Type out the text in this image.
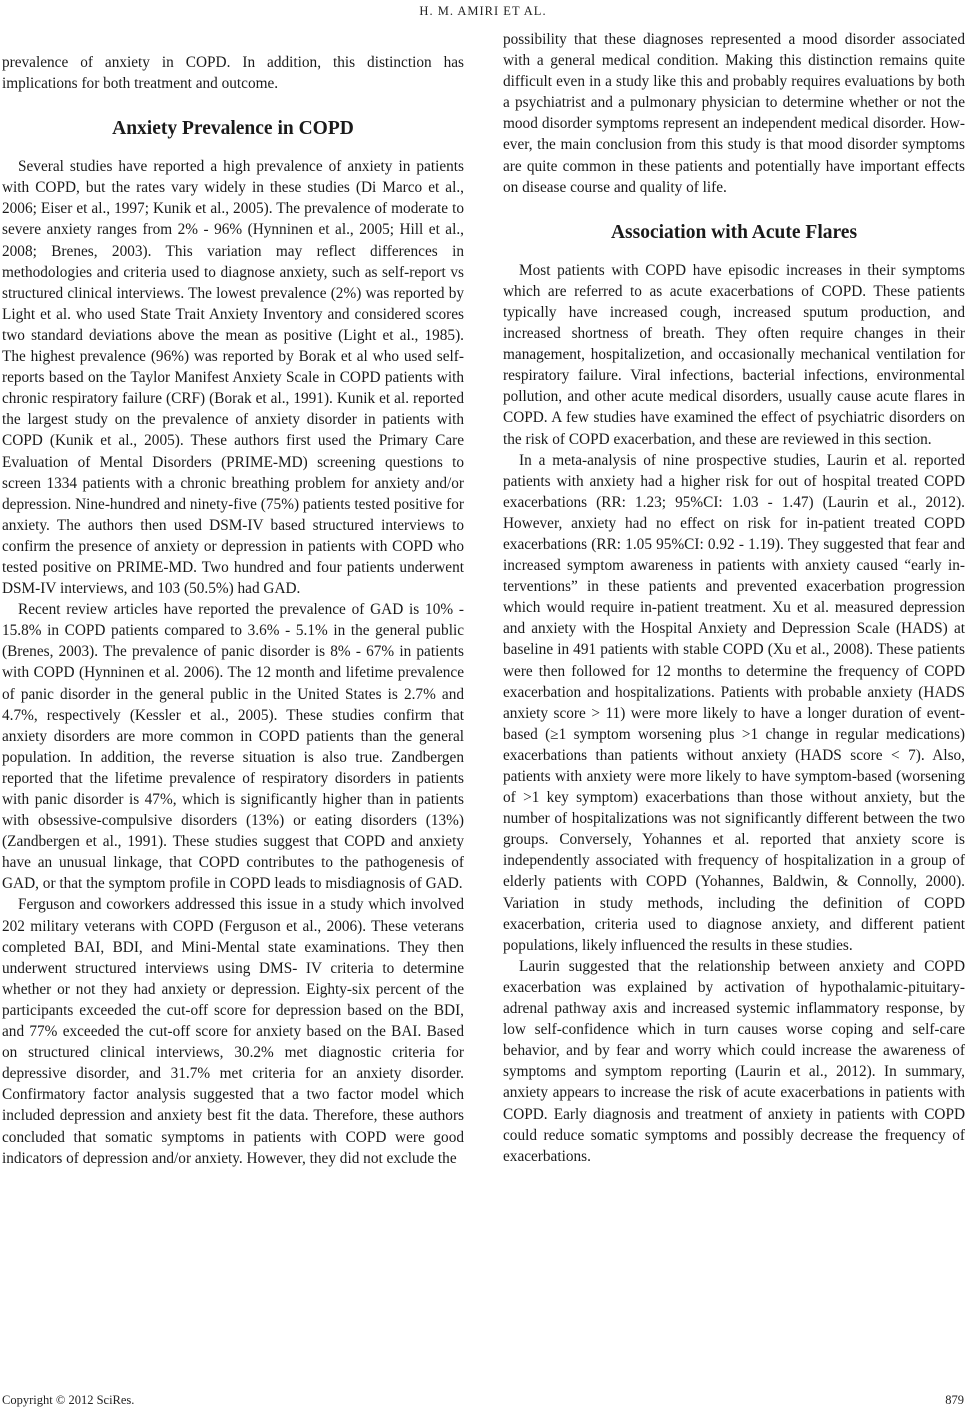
H. M. AMIRI ET AL.

prevalence of anxiety in COPD. In addition, this distinction has implications for both treatment and outcome.

Anxiety Prevalence in COPD

Several studies have reported a high prevalence of anxiety in patients with COPD, but the rates vary widely in these studies (Di Marco et al., 2006; Eiser et al., 1997; Kunik et al., 2005). The prevalence of moderate to severe anxiety ranges from 2% - 96% (Hynninen et al., 2005; Hill et al., 2008; Brenes, 2003). This variation may reflect differences in methodologies and criteria used to diagnose anxiety, such as self-report vs structured clinical interviews. The lowest prevalence (2%) was reported by Light et al. who used State Trait Anxiety Inventory and considered scores two standard deviations above the mean as positive (Light et al., 1985). The highest prevalence (96%) was reported by Borak et al who used self-reports based on the Taylor Manifest Anxiety Scale in COPD patients with chronic respiratory failure (CRF) (Borak et al., 1991). Kunik et al. reported the largest study on the prevalence of anxiety disorder in patients with COPD (Kunik et al., 2005). These authors first used the Primary Care Evaluation of Mental Disorders (PRIME-MD) screening questions to screen 1334 patients with a chronic breathing problem for anxiety and/or depression. Nine-hundred and ninety-five (75%) patients tested positive for anxiety. The authors then used DSM-IV based structured interviews to confirm the presence of anxiety or depression in patients with COPD who tested positive on PRIME-MD. Two hundred and four patients underwent DSM-IV interviews, and 103 (50.5%) had GAD.

Recent review articles have reported the prevalence of GAD is 10% - 15.8% in COPD patients compared to 3.6% - 5.1% in the general public (Brenes, 2003). The prevalence of panic disorder is 8% - 67% in patients with COPD (Hynninen et al. 2006). The 12 month and lifetime prevalence of panic disorder in the general public in the United States is 2.7% and 4.7%, respectively (Kessler et al., 2005). These studies confirm that anxiety disorders are more common in COPD patients than the general population. In addition, the reverse situation is also true. Zandbergen reported that the lifetime prevalence of respiratory disorders in patients with panic disorder is 47%, which is significantly higher than in patients with obsessive-compulsive disorders (13%) or eating disorders (13%) (Zandbergen et al., 1991). These studies suggest that COPD and anxiety have an unusual linkage, that COPD contributes to the pathogenesis of GAD, or that the symptom profile in COPD leads to misdiagnosis of GAD.

Ferguson and coworkers addressed this issue in a study which involved 202 military veterans with COPD (Ferguson et al., 2006). These veterans completed BAI, BDI, and Mini-Mental state examinations. They then underwent structured interviews using DMS- IV criteria to determine whether or not they had anxiety or depression. Eighty-six percent of the participants exceeded the cut-off score for depression based on the BDI, and 77% exceeded the cut-off score for anxiety based on the BAI. Based on structured clinical interviews, 30.2% met diagnostic criteria for depressive disorder, and 31.7% met criteria for an anxiety disorder. Confirmatory factor analysis suggested that a two factor model which included depression and anxiety best fit the data. Therefore, these authors concluded that somatic symptoms in patients with COPD were good indicators of depression and/or anxiety. However, they did not exclude the

possibility that these diagnoses represented a mood disorder associated with a general medical condition. Making this distinction remains quite difficult even in a study like this and probably requires evaluations by both a psychiatrist and a pulmonary physician to determine whether or not the mood disorder symptoms represent an independent medical disorder. However, the main conclusion from this study is that mood disorder symptoms are quite common in these patients and potentially have important effects on disease course and quality of life.

Association with Acute Flares

Most patients with COPD have episodic increases in their symptoms which are referred to as acute exacerbations of COPD. These patients typically have increased cough, increased sputum production, and increased shortness of breath. They often require changes in their management, hospitalizetion, and occasionally mechanical ventilation for respiratory failure. Viral infections, bacterial infections, environmental pollution, and other acute medical disorders, usually cause acute flares in COPD. A few studies have examined the effect of psychiatric disorders on the risk of COPD exacerbation, and these are reviewed in this section.

In a meta-analysis of nine prospective studies, Laurin et al. reported patients with anxiety had a higher risk for out of hospital treated COPD exacerbations (RR: 1.23; 95%CI: 1.03 - 1.47) (Laurin et al., 2012). However, anxiety had no effect on risk for in-patient treated COPD exacerbations (RR: 1.05 95%CI: 0.92 - 1.19). They suggested that fear and increased symptom awareness in patients with anxiety caused “early interventions” in these patients and prevented exacerbation progression which would require in-patient treatment. Xu et al. measured depression and anxiety with the Hospital Anxiety and Depression Scale (HADS) at baseline in 491 patients with stable COPD (Xu et al., 2008). These patients were then followed for 12 months to determine the frequency of COPD exacerbation and hospitalizations. Patients with probable anxiety (HADS anxiety score > 11) were more likely to have a longer duration of event-based (≥1 symptom worsening plus >1 change in regular medications) exacerbations than patients without anxiety (HADS score < 7). Also, patients with anxiety were more likely to have symptom-based (worsening of >1 key symptom) exacerbations than those without anxiety, but the number of hospitalizations was not significantly different between the two groups. Conversely, Yohannes et al. reported that anxiety score is independently associated with frequency of hospitalization in a group of elderly patients with COPD (Yohannes, Baldwin, & Connolly, 2000). Variation in study methods, including the definition of COPD exacerbation, criteria used to diagnose anxiety, and different patient populations, likely influenced the results in these studies.

Laurin suggested that the relationship between anxiety and COPD exacerbation was explained by activation of hypothalamic-pituitary-adrenal pathway axis and increased systemic inflammatory response, by low self-confidence which in turn causes worse coping and self-care behavior, and by fear and worry which could increase the awareness of symptoms and symptom reporting (Laurin et al., 2012). In summary, anxiety appears to increase the risk of acute exacerbations in patients with COPD. Early diagnosis and treatment of anxiety in patients with COPD could reduce somatic symptoms and possibly decrease the frequency of exacerbations.

Copyright © 2012 SciRes.	879
